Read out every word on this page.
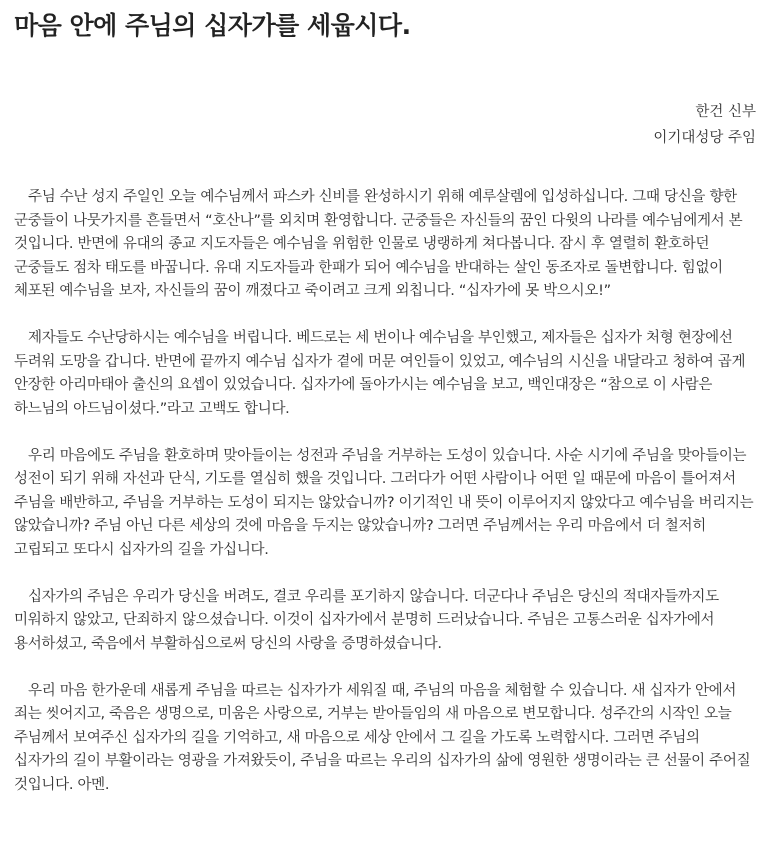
마음 안에 주님의 십자가를 세웁시다.
한건 신부
이기대성당 주임

주님 수난 성지 주일인 오늘 예수님께서 파스카 신비를 완성하시기 위해 예루살렘에 입성하십니다. 그때 당신을 향한 군중들이 나뭇가지를 흔들면서 “호산나”를 외치며 환영합니다. 군중들은 자신들의 꿈인 다윗의 나라를 예수님에게서 본 것입니다. 반면에 유대의 종교 지도자들은 예수님을 위험한 인물로 냉랭하게 쳐다봅니다. 잠시 후 열렬히 환호하던 군중들도 점차 태도를 바꿉니다. 유대 지도자들과 한패가 되어 예수님을 반대하는 살인 동조자로 돌변합니다. 힘없이 체포된 예수님을 보자, 자신들의 꿈이 깨졌다고 죽이려고 크게 외칩니다. “십자가에 못 박으시오!”

제자들도 수난당하시는 예수님을 버립니다. 베드로는 세 번이나 예수님을 부인했고, 제자들은 십자가 처형 현장에선 두려워 도망을 갑니다. 반면에 끝까지 예수님 십자가 곁에 머문 여인들이 있었고, 예수님의 시신을 내달라고 청하여 곱게 안장한 아리마태아 출신의 요셉이 있었습니다. 십자가에 돌아가시는 예수님을 보고, 백인대장은 “참으로 이 사람은 하느님의 아드님이셨다.”라고 고백도 합니다.

우리 마음에도 주님을 환호하며 맞아들이는 성전과 주님을 거부하는 도성이 있습니다. 사순 시기에 주님을 맞아들이는 성전이 되기 위해 자선과 단식, 기도를 열심히 했을 것입니다. 그러다가 어떤 사람이나 어떤 일 때문에 마음이 틀어져서 주님을 배반하고, 주님을 거부하는 도성이 되지는 않았습니까? 이기적인 내 뜻이 이루어지지 않았다고 예수님을 버리지는 않았습니까? 주님 아닌 다른 세상의 것에 마음을 두지는 않았습니까? 그러면 주님께서는 우리 마음에서 더 철저히 고립되고 또다시 십자가의 길을 가십니다.

십자가의 주님은 우리가 당신을 버려도, 결코 우리를 포기하지 않습니다. 더군다나 주님은 당신의 적대자들까지도 미워하지 않았고, 단죄하지 않으셨습니다. 이것이 십자가에서 분명히 드러났습니다. 주님은 고통스러운 십자가에서 용서하셨고, 죽음에서 부활하심으로써 당신의 사랑을 증명하셨습니다.

우리 마음 한가운데 새롭게 주님을 따르는 십자가가 세워질 때, 주님의 마음을 체험할 수 있습니다. 새 십자가 안에서 죄는 씻어지고, 죽음은 생명으로, 미움은 사랑으로, 거부는 받아들임의 새 마음으로 변모합니다. 성주간의 시작인 오늘 주님께서 보여주신 십자가의 길을 기억하고, 새 마음으로 세상 안에서 그 길을 가도록 노력합시다. 그러면 주님의 십자가의 길이 부활이라는 영광을 가져왔듯이, 주님을 따르는 우리의 십자가의 삶에 영원한 생명이라는 큰 선물이 주어질 것입니다. 아멘.
